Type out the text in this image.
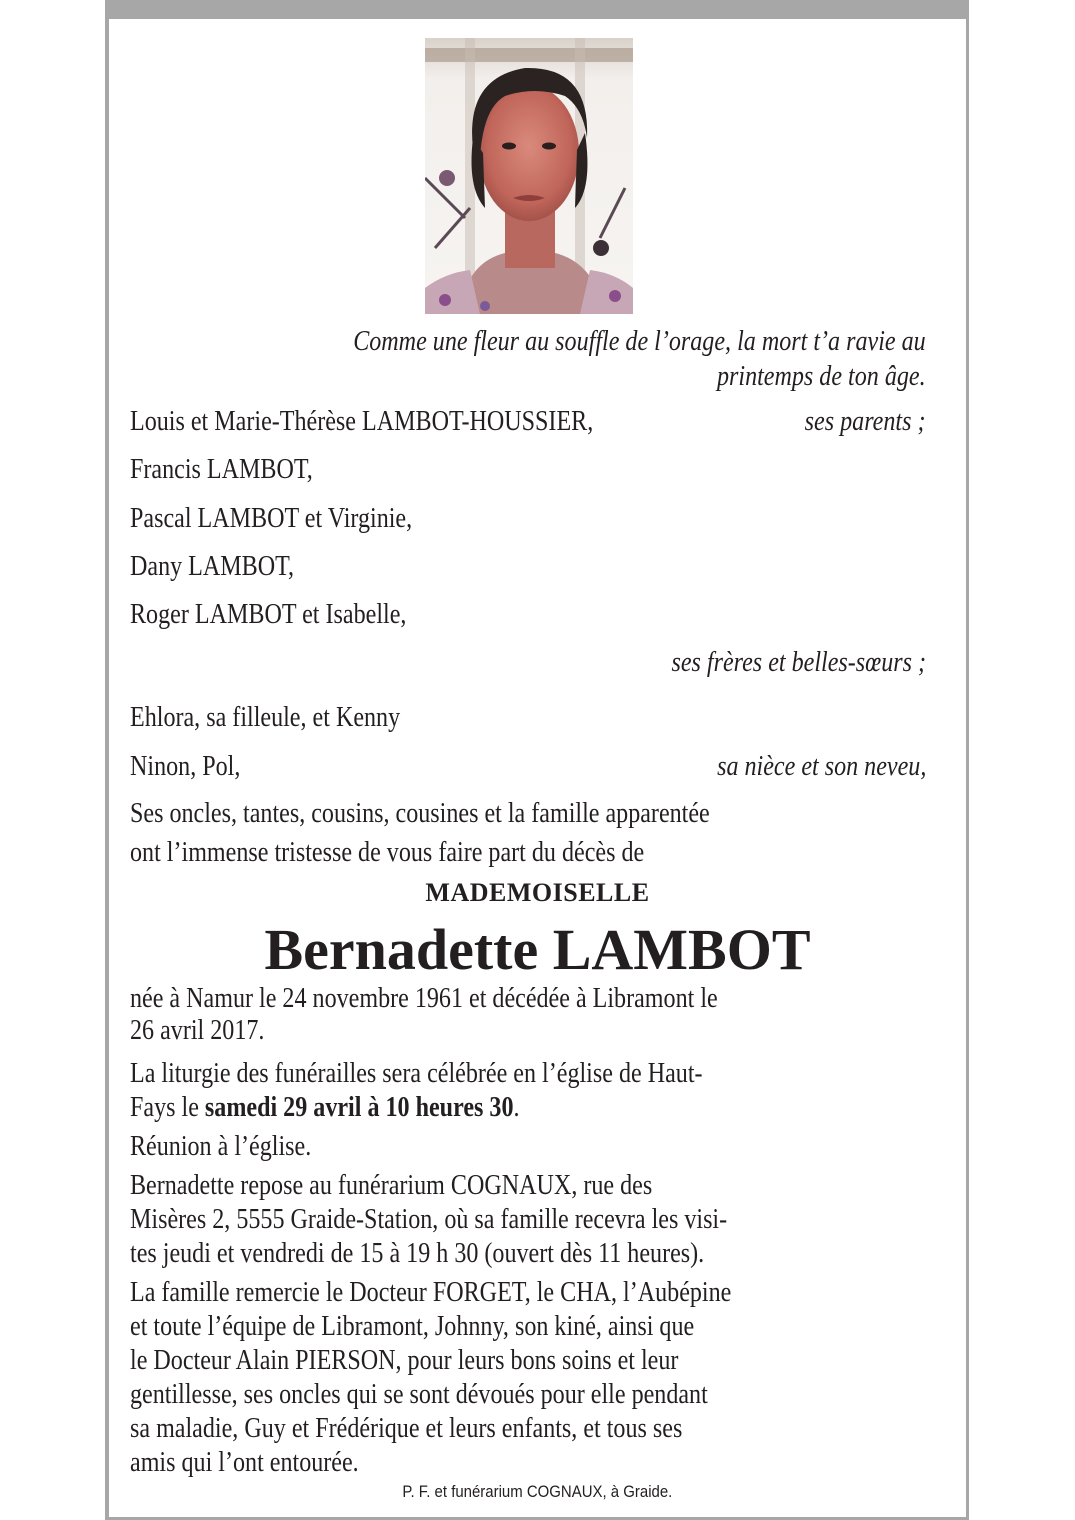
Comme une fleur au souffle de l’orage, la mort t’a ravie au
printemps de ton âge.
Louis et Marie-Thérèse LAMBOT-HOUSSIER,	ses parents ;
Francis LAMBOT,
Pascal LAMBOT et Virginie,
Dany LAMBOT,
Roger LAMBOT et Isabelle,
ses frères et belles-sœurs ;
Ehlora, sa filleule, et Kenny
Ninon, Pol,	sa nièce et son neveu,
Ses oncles, tantes, cousins, cousines et la famille apparentée
ont l’immense tristesse de vous faire part du décès de
MADEMOISELLE
Bernadette LAMBOT
née à Namur le 24 novembre 1961 et décédée à Libramont le
26 avril 2017.
La liturgie des funérailles sera célébrée en l’église de Haut-
Fays le samedi 29 avril à 10 heures 30.
Réunion à l’église.
Bernadette repose au funérarium COGNAUX, rue des
Misères 2, 5555 Graide-Station, où sa famille recevra les visi-
tes jeudi et vendredi de 15 à 19 h 30 (ouvert dès 11 heures).
La famille remercie le Docteur FORGET, le CHA, l’Aubépine
et toute l’équipe de Libramont, Johnny, son kiné, ainsi que
le Docteur Alain PIERSON, pour leurs bons soins et leur
gentillesse, ses oncles qui se sont dévoués pour elle pendant
sa maladie, Guy et Frédérique et leurs enfants, et tous ses
amis qui l’ont entourée.
P. F. et funérarium COGNAUX, à Graide.
